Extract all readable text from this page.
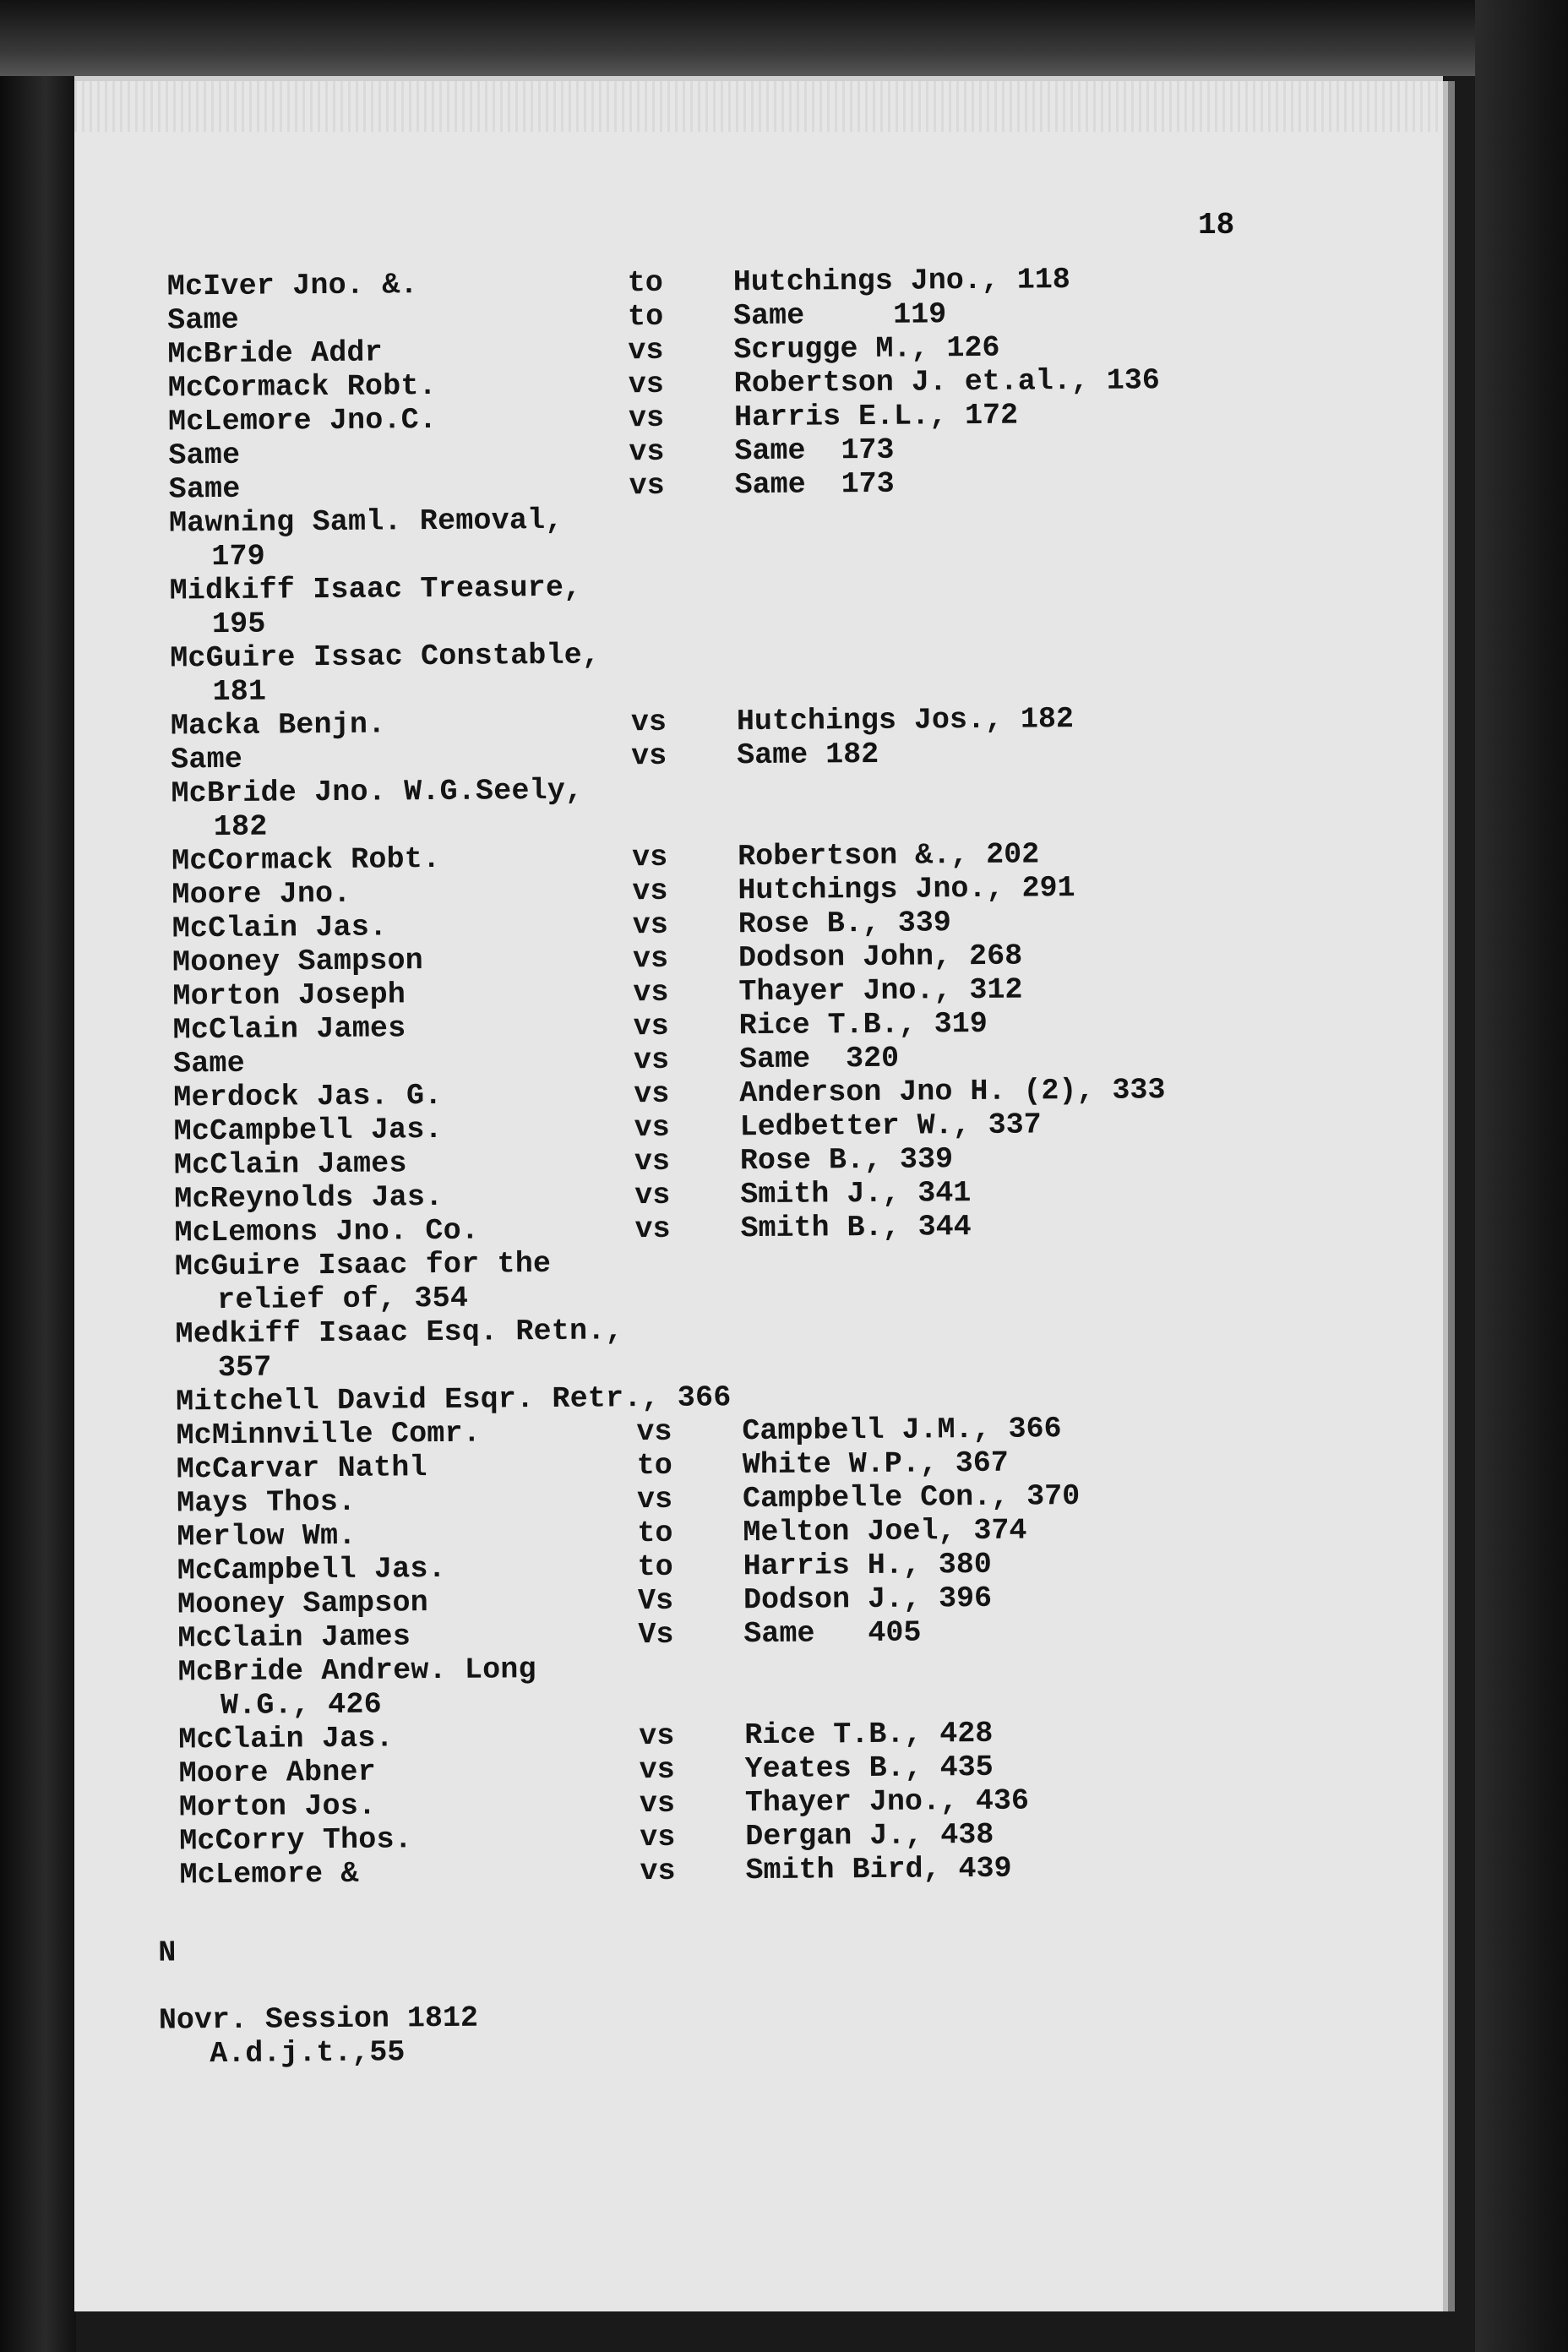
18
McIver Jno. &.	to Hutchings Jno., 118
Same	to Same     119
McBride Addr	vs Scrugge M., 126
McCormack Robt.	vs Robertson J. et.al., 136
McLemore Jno.C.	vs Harris E.L., 172
Same	vs Same  173
Same	vs Same  173
Mawning Saml. Removal,
179
Midkiff Isaac Treasure,
195
McGuire Issac Constable,
181
Macka Benjn.	vs Hutchings Jos., 182
Same	vs Same 182
McBride Jno. W.G.Seely,
182
McCormack Robt.	vs Robertson &., 202
Moore Jno.	vs Hutchings Jno., 291
McClain Jas.	vs Rose B., 339
Mooney Sampson	vs Dodson John, 268
Morton Joseph	vs Thayer Jno., 312
McClain James	vs Rice T.B., 319
Same	vs Same  320
Merdock Jas. G.	vs Anderson Jno H. (2), 333
McCampbell Jas.	vs Ledbetter W., 337
McClain James	vs Rose B., 339
McReynolds Jas.	vs Smith J., 341
McLemons Jno. Co.	vs Smith B., 344
McGuire Isaac for the
relief of, 354
Medkiff Isaac Esq. Retn.,
357
Mitchell David Esqr. Retr., 366
McMinnville Comr.	vs Campbell J.M., 366
McCarvar Nathl	to White W.P., 367
Mays Thos.	vs Campbelle Con., 370
Merlow Wm.	to Melton Joel, 374
McCampbell Jas.	to Harris H., 380
Mooney Sampson	Vs Dodson J., 396
McClain James	Vs Same   405
McBride Andrew. Long
W.G., 426
McClain Jas.	vs Rice T.B., 428
Moore Abner	vs Yeates B., 435
Morton Jos.	vs Thayer Jno., 436
McCorry Thos.	vs Dergan J., 438
McLemore &	vs Smith Bird, 439
N
Novr. Session 1812
A.d.j.t.,55
